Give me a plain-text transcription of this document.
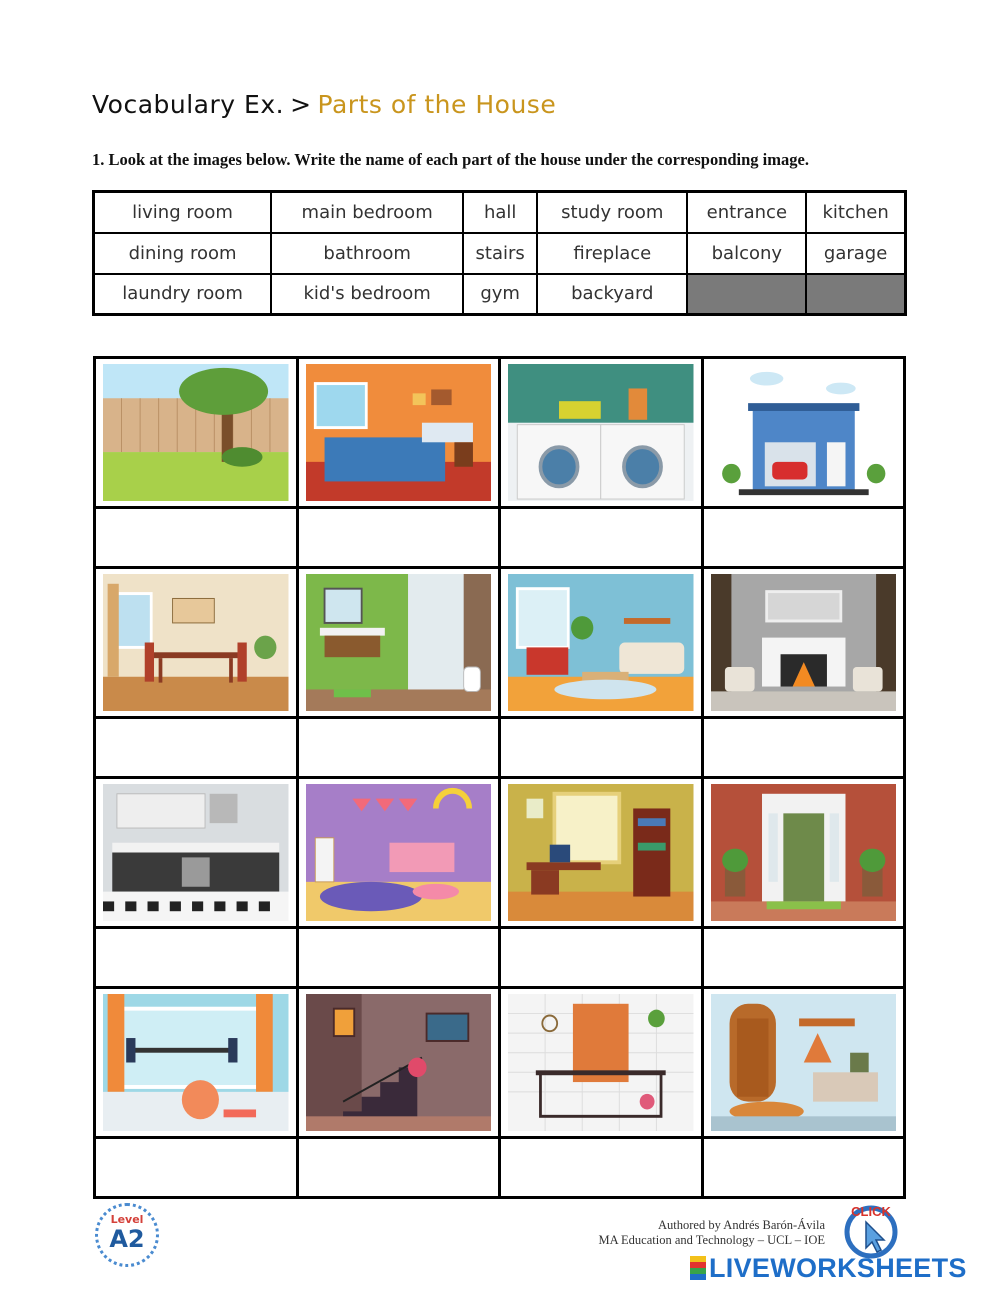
Vocabulary Ex. > Parts of the House
1. Look at the images below. Write the name of each part of the house under the corresponding image.
living room	main bedroom	hall	study room	entrance	kitchen
dining room	bathroom	stairs	fireplace	balcony	garage
laundry room	kid's bedroom	gym	backyard		

Level
A2	Authored by Andrés Barón-Ávila
MA Education and Technology – UCL – IOE
CLICK
LIVEWORKSHEETS
